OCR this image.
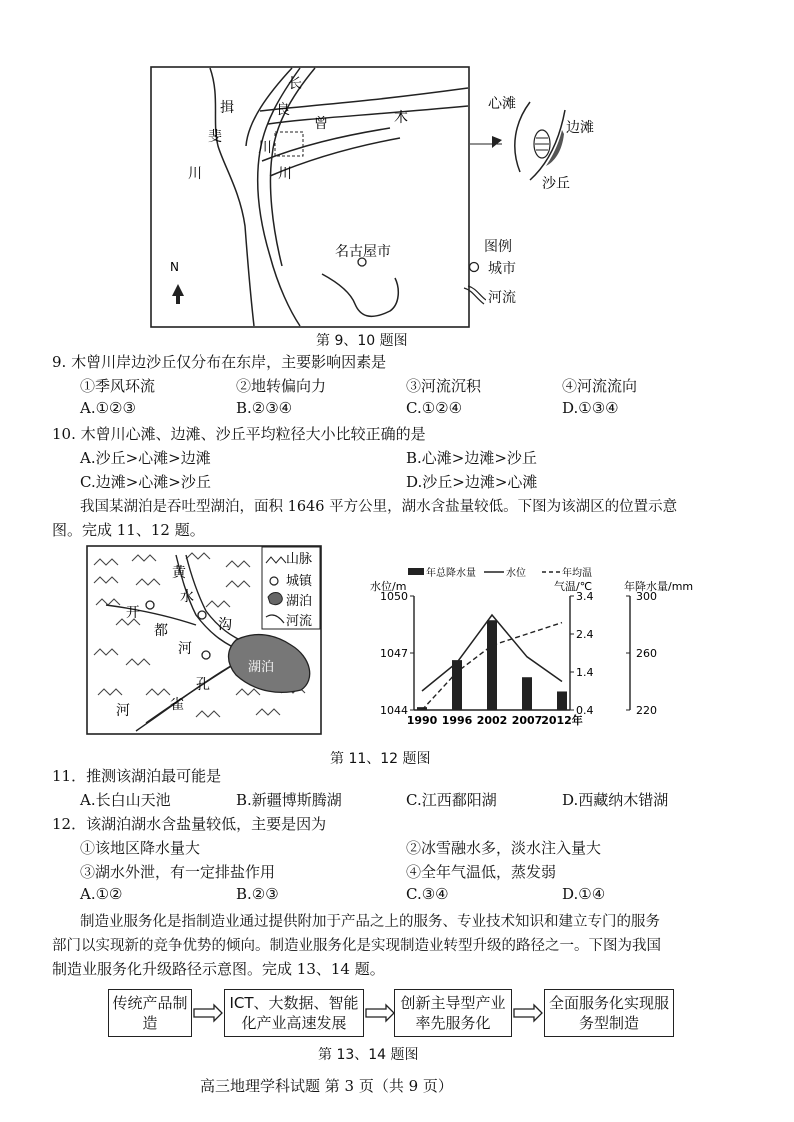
长
揖
斐
川
良
曾	木
川
川
名古屋市
N
心滩
边滩
沙丘
图例
城市
河流
第 9、10 题图
9. 木曾川岸边沙丘仅分布在东岸，主要影响因素是
①季风环流	②地转偏向力	③河流沉积	④河流流向
A.①②③	B.②③④	C.①②④	D.①③④
10. 木曾川心滩、边滩、沙丘平均粒径大小比较正确的是
A.沙丘>心滩>边滩	B.心滩>边滩>沙丘
C.边滩>心滩>沙丘	D.沙丘>边滩>心滩
我国某湖泊是吞吐型湖泊，面积 1646 平方公里，湖水含盐量较低。下图为该湖区的位置示意
图。完成 11、12 题。
黄
水
开
都	沟
河
孔
雀
河
湖泊
山脉
城镇
湖泊
河流
年总降水量	水位	年均温
水位/m	气温/℃	年降水量/mm
1050
1047
1044
3.4
2.4
1.4
0.4
300
260
220
1990 1996 2002 2007
2012年
第 11、12 题图
11．推测该湖泊最可能是
A.长白山天池	B.新疆博斯腾湖	C.江西鄱阳湖	D.西藏纳木错湖
12．该湖泊湖水含盐量较低，主要是因为
①该地区降水量大	②冰雪融水多，淡水注入量大
③湖水外泄，有一定排盐作用	④全年气温低，蒸发弱
A.①②	B.②③	C.③④	D.①④
制造业服务化是指制造业通过提供附加于产品之上的服务、专业技术知识和建立专门的服务
部门以实现新的竞争优势的倾向。制造业服务化是实现制造业转型升级的路径之一。下图为我国
制造业服务化升级路径示意图。完成 13、14 题。
传统产品制造
ICT、大数据、智能化产业高速发展
创新主导型产业率先服务化
全面服务化实现服务型制造
第 13、14 题图
高三地理学科试题 第 3 页（共 9 页）
